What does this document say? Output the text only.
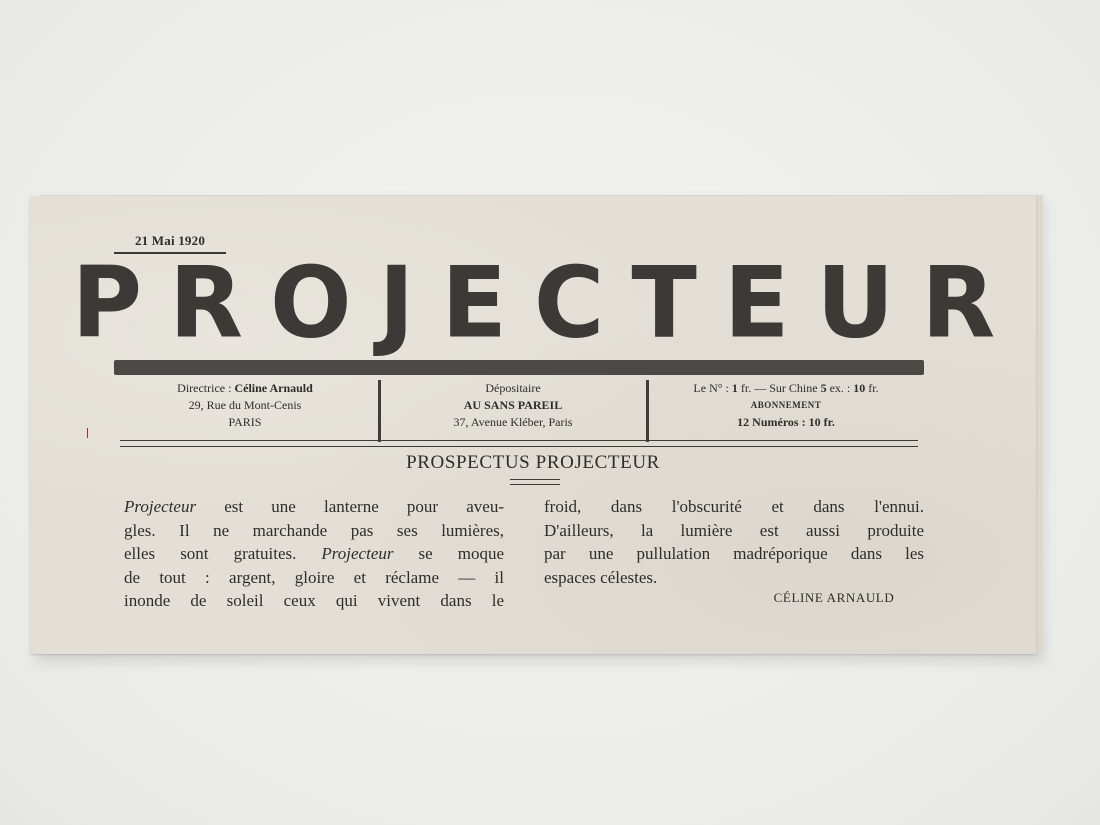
21 Mai 1920
PROJECTEUR
Directrice : Céline Arnauld
29, Rue du Mont-Cenis
PARIS
Dépositaire
AU SANS PAREIL
37, Avenue Kléber, Paris
Le N° : 1 fr. — Sur Chine 5 ex. : 10 fr.
ABONNEMENT
12 Numéros : 10 fr.
PROSPECTUS PROJECTEUR
Projecteur est une lanterne pour aveu-
gles. Il ne marchande pas ses lumières,
elles sont gratuites. Projecteur se moque
de tout : argent, gloire et réclame — il
inonde de soleil ceux qui vivent dans le
froid, dans l'obscurité et dans l'ennui.
D'ailleurs, la lumière est aussi produite
par une pullulation madréporique dans les
espaces célestes.
CÉLINE ARNAULD
